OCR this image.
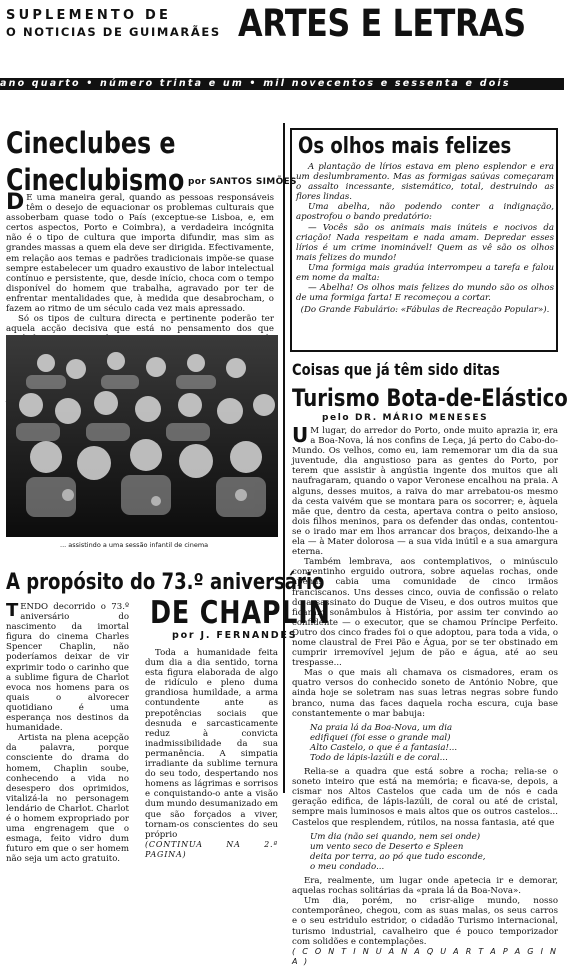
SUPLEMENTO DE
O NOTICIAS DE GUIMARÃES ARTES E LETRAS
ano quarto • número trinta e um • mil novecentos e sessenta e dois
Cineclubes e
Cineclubismo por SANTOS SIMÕES
D E uma maneira geral, quando as pessoas responsáveis têm o desejo de equacionar os problemas culturais que assoberbam quase todo o País (exceptue-se Lisboa, e, em certos aspectos, Porto e Coimbra), a verdadeira incógnita não é o tipo de cultura que importa difundir, mas sim as grandes massas a quem ela deve ser dirigida. Efectivamente, em relação aos temas e padrões tradicionais impõe-se quase sempre estabelecer um quadro exaustivo de labor intelectual contínuo e persistente, que, desde início, choca com o tempo disponível do homem que trabalha, agravado por ter de enfrentar mentalidades que, à medida que desabrocham, o fazem ao ritmo de um século cada vez mais apressado.
Só os tipos de cultura directa e pertinente poderão ter aquela acção decisiva que está no pensamento dos que
... assistindo a uma sessão infantil de cinema
A propósito do 73.º aniversário
T ENDO decorrido o 73.º aniversário do nascimento da imortal figura do cinema Charles Spencer Chaplin, não poderíamos deixar de vir exprimir todo o carinho que a sublime figura de Charlot evoca nos homens para os quais o alvorecer quotidiano é uma esperança nos destinos da humanidade.
Artista na plena acepção da palavra, porque consciente do drama do homem, Chaplin soube, conhecendo a vida no desespero dos oprimidos, vitalizá-la no personagem lendário de Charlot. Charlot é o homem expropriado por uma engrenagem que o esmaga, feito vidro dum futuro em que o ser homem não seja um acto gratuito.
DE CHAPLIN
por J. FERNANDES
Toda a humanidade feita dum dia a dia sentido, torna esta figura elaborada de algo de ridículo e pleno duma grandiosa humildade, a arma contundente ante as prepotências sociais que desnuda e sarcasticamente reduz à convicta inadmissibilidade da sua permanência. A simpatia irradiante da sublime ternura do seu todo, despertando nos homens as lágrimas e sorrisos e conquistando-o ante a visão dum mundo desumanizado em que são forçados a viver, tornam-os conscientes do seu próprio
(CONTINUA NA 2.ª PAGINA)
Os olhos mais felizes
A plantação de lírios estava em pleno esplendor e era um deslumbramento. Mas as formigas saúvas começaram o assalto incessante, sistemático, total, destruindo as flores lindas.
Uma abelha, não podendo conter a indignação, apostrofou o bando predatório:
— Vocês são os animais mais inúteis e nocivos da criação! Nada respeitam e nada amam. Depredar esses lírios é um crime inominável! Quem as vê são os olhos mais felizes do mundo!
Uma formiga mais gradúa interrompeu a tarefa e falou em nome da malta:
— Abelha! Os olhos mais felizes do mundo são os olhos de uma formiga farta! E recomeçou a cortar.
(Do Grande Fabulário: «Fábulas de Recreação Popular»).
Coisas que já têm sido ditas
Turismo Bota-de-Elástico
pelo DR. MÁRIO MENESES
U M lugar, do arredor do Porto, onde muito aprazia ir, era a Boa-Nova, lá nos confins de Leça, já perto do Cabo-do-Mundo. Os velhos, como eu, iam rememorar um dia da sua juventude, dia angustioso para as gentes do Porto, por terem que assistir à angústia ingente dos muitos que ali naufragaram, quando o vapor Veronese encalhou na praia. A alguns, desses muitos, a raiva do mar arrebatou-os mesmo da cesta vaivém que se montara para os socorrer; e, àquela mãe que, dentro da cesta, apertava contra o peito ansioso, dois filhos meninos, para os defender das ondas, contentou-se o irado mar em lhos arrancar dos braços, deixando-lhe a ela — à Mater dolorosa — a sua vida inútil e a sua amargura eterna.
Também lembrava, aos contemplativos, o minúsculo conventinho erguido outrora, sobre aquelas rochas, onde apenas cabia uma comunidade de cinco irmãos franciscanos. Uns desses cinco, ouvia de confissão o relato do assassinato do Duque de Viseu, e dos outros muitos que ficaram sonâmbulos à História, por assim ter convindo ao confidente — o executor, que se chamou Príncipe Perfeito. Outro dos cinco frades foi o que adoptou, para toda a vida, o nome claustral de Frei Pão e Água, por se ter obstinado em cumprir irremovível jejum de pão e água, até ao seu trespasse...
Mas o que mais ali chamava os cismadores, eram os quatro versos do conhecido soneto de António Nobre, que ainda hoje se soletram nas suas letras negras sobre fundo branco, numa das faces daquela rocha escura, cuja base constantemente o mar babuja:
Na praia lá da Boa-Nova, um dia
edifiquei (foi esse o grande mal)
Alto Castelo, o que é a fantasia!...
Todo de lápis-lazúli e de coral...
Relia-se a quadra que está sobre a rocha; relia-se o soneto inteiro que está na memória; e ficava-se, depois, a cismar nos Altos Castelos que cada um de nós e cada geração edifica, de lápis-lazúli, de coral ou até de cristal, sempre mais luminosos e mais altos que os outros castelos... Castelos que resplendem, rútilos, na nossa fantasia, até que
Um dia (não sei quando, nem sei onde)
um vento seco de Deserto e Spleen
deita por terra, ao pó que tudo esconde,
o meu condado...
Era, realmente, um lugar onde apetecia ir e demorar, aquelas rochas solitárias da «praia lá da Boa-Nova».
Um dia, porém, no crisr-alige mundo, nosso contemporâneo, chegou, com as suas malas, os seus carros e o seu estridulo estridor, o cidadão Turismo internacional, turismo industrial, cavalheiro que é pouco temporizador com solidões e contemplações.
( C O N T I N U A N A Q U A R T A P A G I N A )
